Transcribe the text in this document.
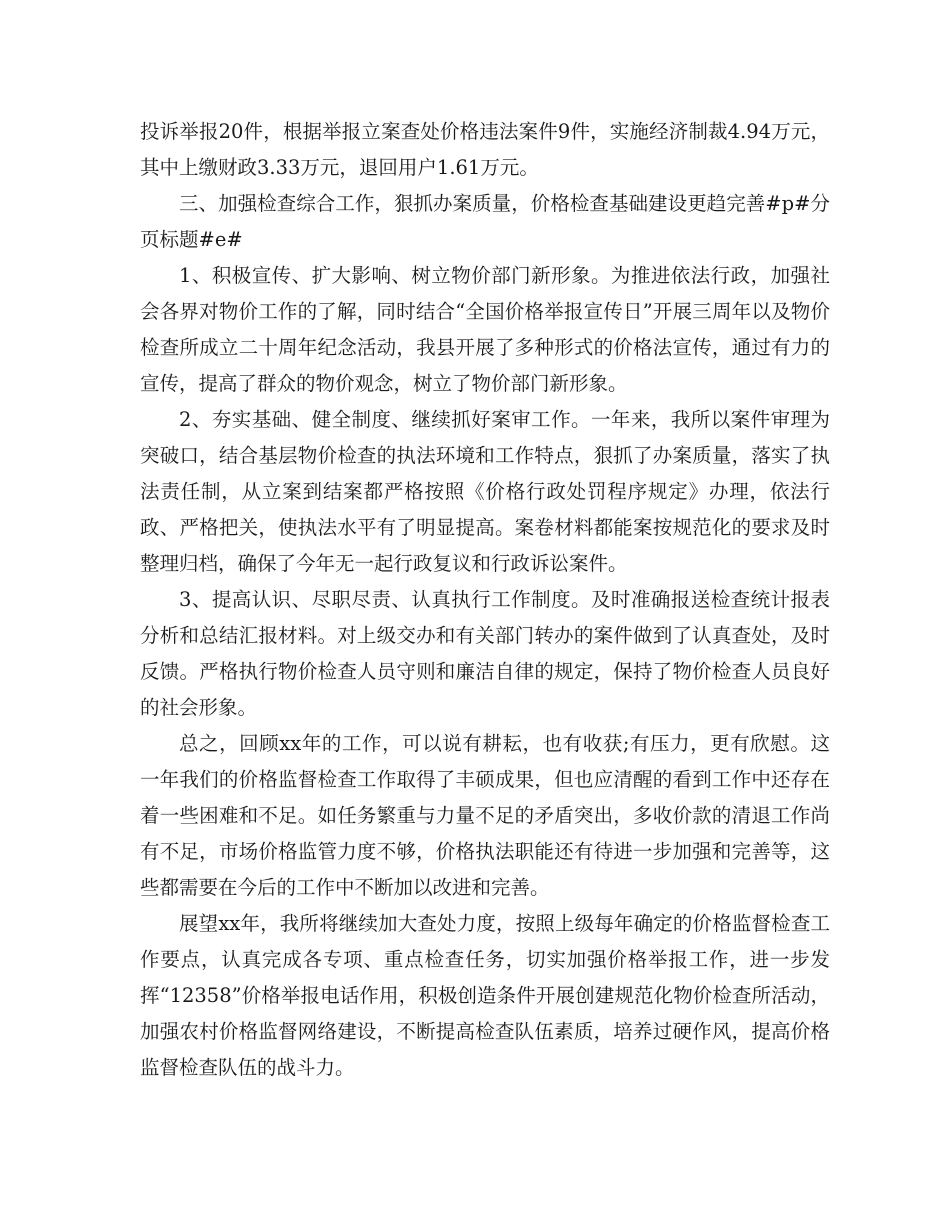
投诉举报20件，根据举报立案查处价格违法案件9件，实施经济制裁4.94万元，其中上缴财政3.33万元，退回用户1.61万元。

三、加强检查综合工作，狠抓办案质量，价格检查基础建设更趋完善#p#分页标题#e#

1、积极宣传、扩大影响、树立物价部门新形象。为推进依法行政，加强社会各界对物价工作的了解，同时结合“全国价格举报宣传日”开展三周年以及物价检查所成立二十周年纪念活动，我县开展了多种形式的价格法宣传，通过有力的宣传，提高了群众的物价观念，树立了物价部门新形象。

2、夯实基础、健全制度、继续抓好案审工作。一年来，我所以案件审理为突破口，结合基层物价检查的执法环境和工作特点，狠抓了办案质量，落实了执法责任制，从立案到结案都严格按照《价格行政处罚程序规定》办理，依法行政、严格把关，使执法水平有了明显提高。案卷材料都能案按规范化的要求及时整理归档，确保了今年无一起行政复议和行政诉讼案件。

3、提高认识、尽职尽责、认真执行工作制度。及时准确报送检查统计报表分析和总结汇报材料。对上级交办和有关部门转办的案件做到了认真查处，及时反馈。严格执行物价检查人员守则和廉洁自律的规定，保持了物价检查人员良好的社会形象。

总之，回顾xx年的工作，可以说有耕耘，也有收获;有压力，更有欣慰。这一年我们的价格监督检查工作取得了丰硕成果，但也应清醒的看到工作中还存在着一些困难和不足。如任务繁重与力量不足的矛盾突出，多收价款的清退工作尚有不足，市场价格监管力度不够，价格执法职能还有待进一步加强和完善等，这些都需要在今后的工作中不断加以改进和完善。

展望xx年，我所将继续加大查处力度，按照上级每年确定的价格监督检查工作要点，认真完成各专项、重点检查任务，切实加强价格举报工作，进一步发挥“12358”价格举报电话作用，积极创造条件开展创建规范化物价检查所活动，加强农村价格监督网络建设，不断提高检查队伍素质，培养过硬作风，提高价格监督检查队伍的战斗力。
